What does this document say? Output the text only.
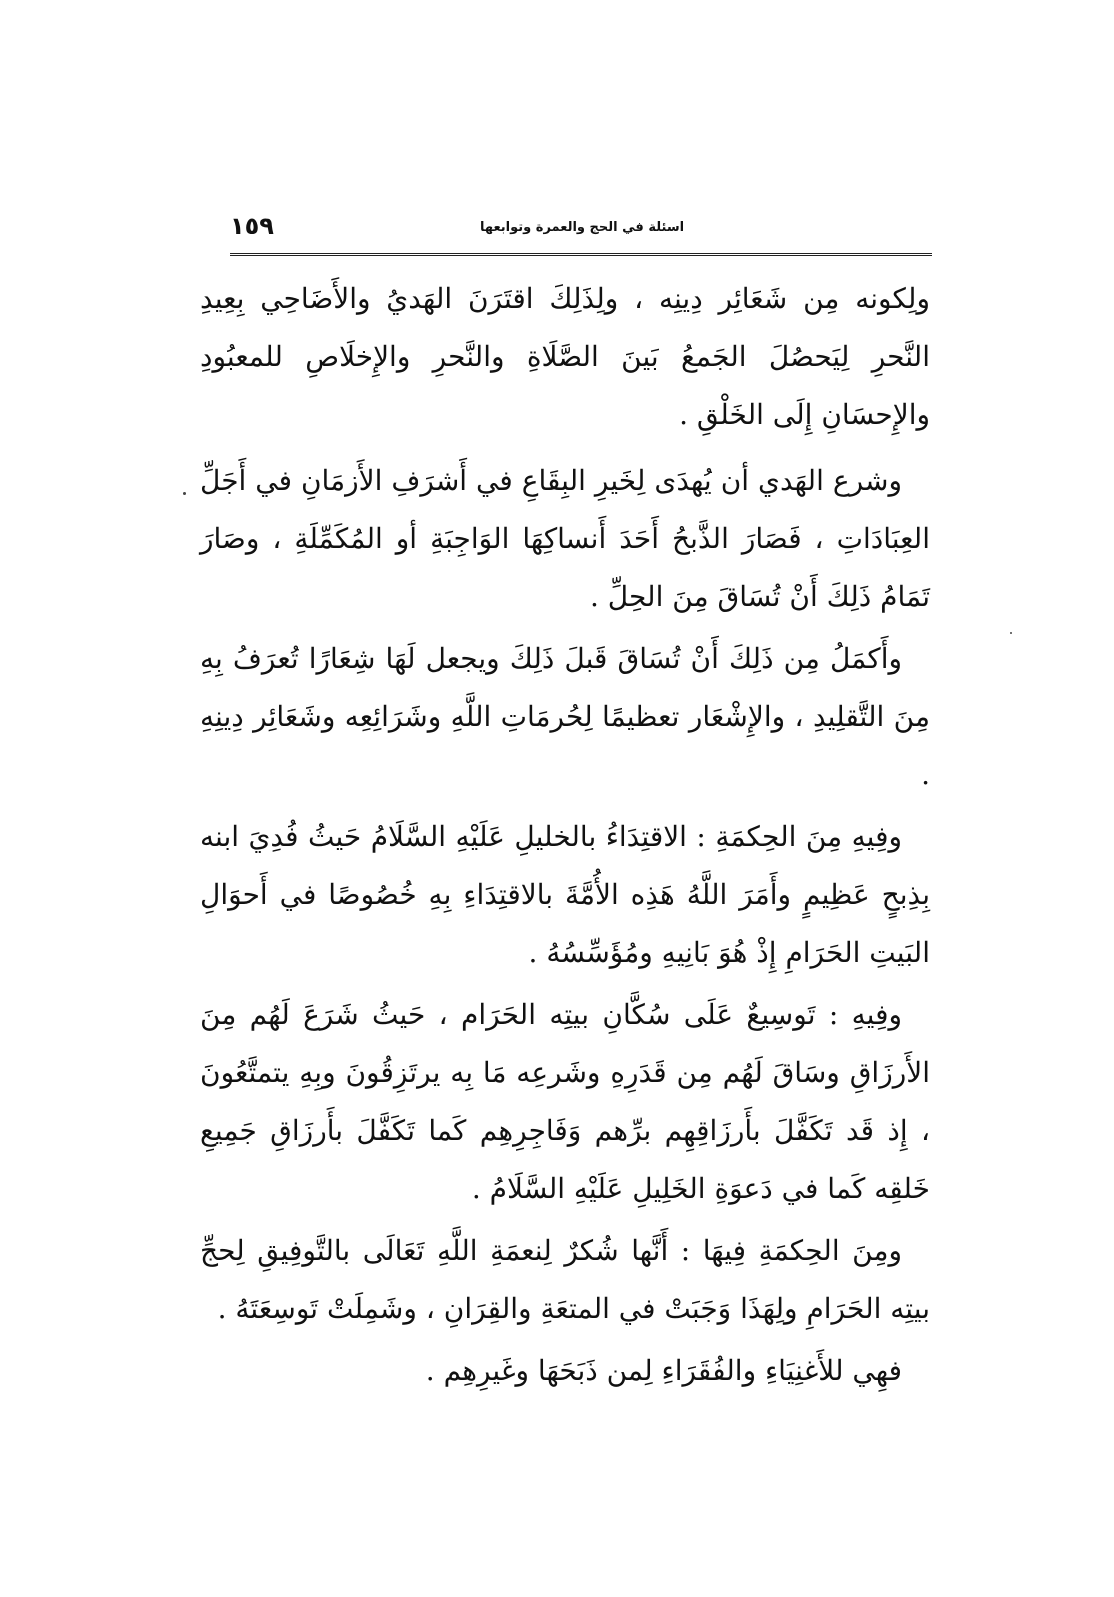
١٥٩	اسئلة في الحج والعمرة وتوابعها

ولِكونه مِن شَعَائِر دِينِه ، ولِذَلِكَ اقتَرَنَ الهَديُ والأَضَاحِي بِعِيدِ النَّحرِ لِيَحصُلَ الجَمعُ بَينَ الصَّلَاةِ والنَّحرِ والإِخلَاصِ للمعبُودِ والإِحسَانِ إِلَى الخَلْقِ .

وشرع الهَدي أن يُهدَى لِخَيرِ البِقَاعِ في أَشرَفِ الأَزمَانِ في أَجَلِّ العِبَادَاتِ ، فَصَارَ الذَّبحُ أَحَدَ أَنساكِهَا الوَاجِبَةِ أو المُكَمِّلَةِ ، وصَارَ تَمَامُ ذَلِكَ أَنْ تُسَاقَ مِنَ الحِلِّ .

وأَكمَلُ مِن ذَلِكَ أَنْ تُسَاقَ قَبلَ ذَلِكَ ويجعل لَهَا شِعَارًا تُعرَفُ بِهِ مِنَ التَّقلِيدِ ، والإِشْعَار تعظيمًا لِحُرمَاتِ اللَّهِ وشَرَائِعِه وشَعَائِر دِينِهِ .

وفِيهِ مِنَ الحِكمَةِ : الاقتِدَاءُ بالخليلِ عَلَيْهِ السَّلَامُ حَيثُ فُدِيَ ابنه بِذِبحٍ عَظِيمٍ وأَمَرَ اللَّهُ هَذِه الأُمَّةَ بالاقتِدَاءِ بِهِ خُصُوصًا في أَحوَالِ البَيتِ الحَرَامِ إِذْ هُوَ بَانِيهِ ومُؤَسِّسُهُ .

وفِيهِ : تَوسِيعٌ عَلَى سُكَّانِ بيتِه الحَرَام ، حَيثُ شَرَعَ لَهُم مِنَ الأَرزَاقِ وسَاقَ لَهُم مِن قَدَرِهِ وشَرعِه مَا بِه يرتَزِقُونَ وبِهِ يتمتَّعُونَ ، إِذ قَد تَكَفَّلَ بأَرزَاقِهِم برِّهم وَفَاجِرِهِم كَما تَكَفَّلَ بأَرزَاقِ جَمِيعِ خَلقِه كَما في دَعوَةِ الخَلِيلِ عَلَيْهِ السَّلَامُ .

ومِنَ الحِكمَةِ فِيهَا : أَنَّها شُكرٌ لِنعمَةِ اللَّهِ تَعَالَى بالتَّوفِيقِ لِحجِّ بيتِه الحَرَامِ ولِهَذَا وَجَبَتْ في المتعَةِ والقِرَانِ ، وشَمِلَتْ تَوسِعَتَهُ .

فهِي للأَغنِيَاءِ والفُقَرَاءِ لِمن ذَبَحَهَا وغَيرِهِم .
